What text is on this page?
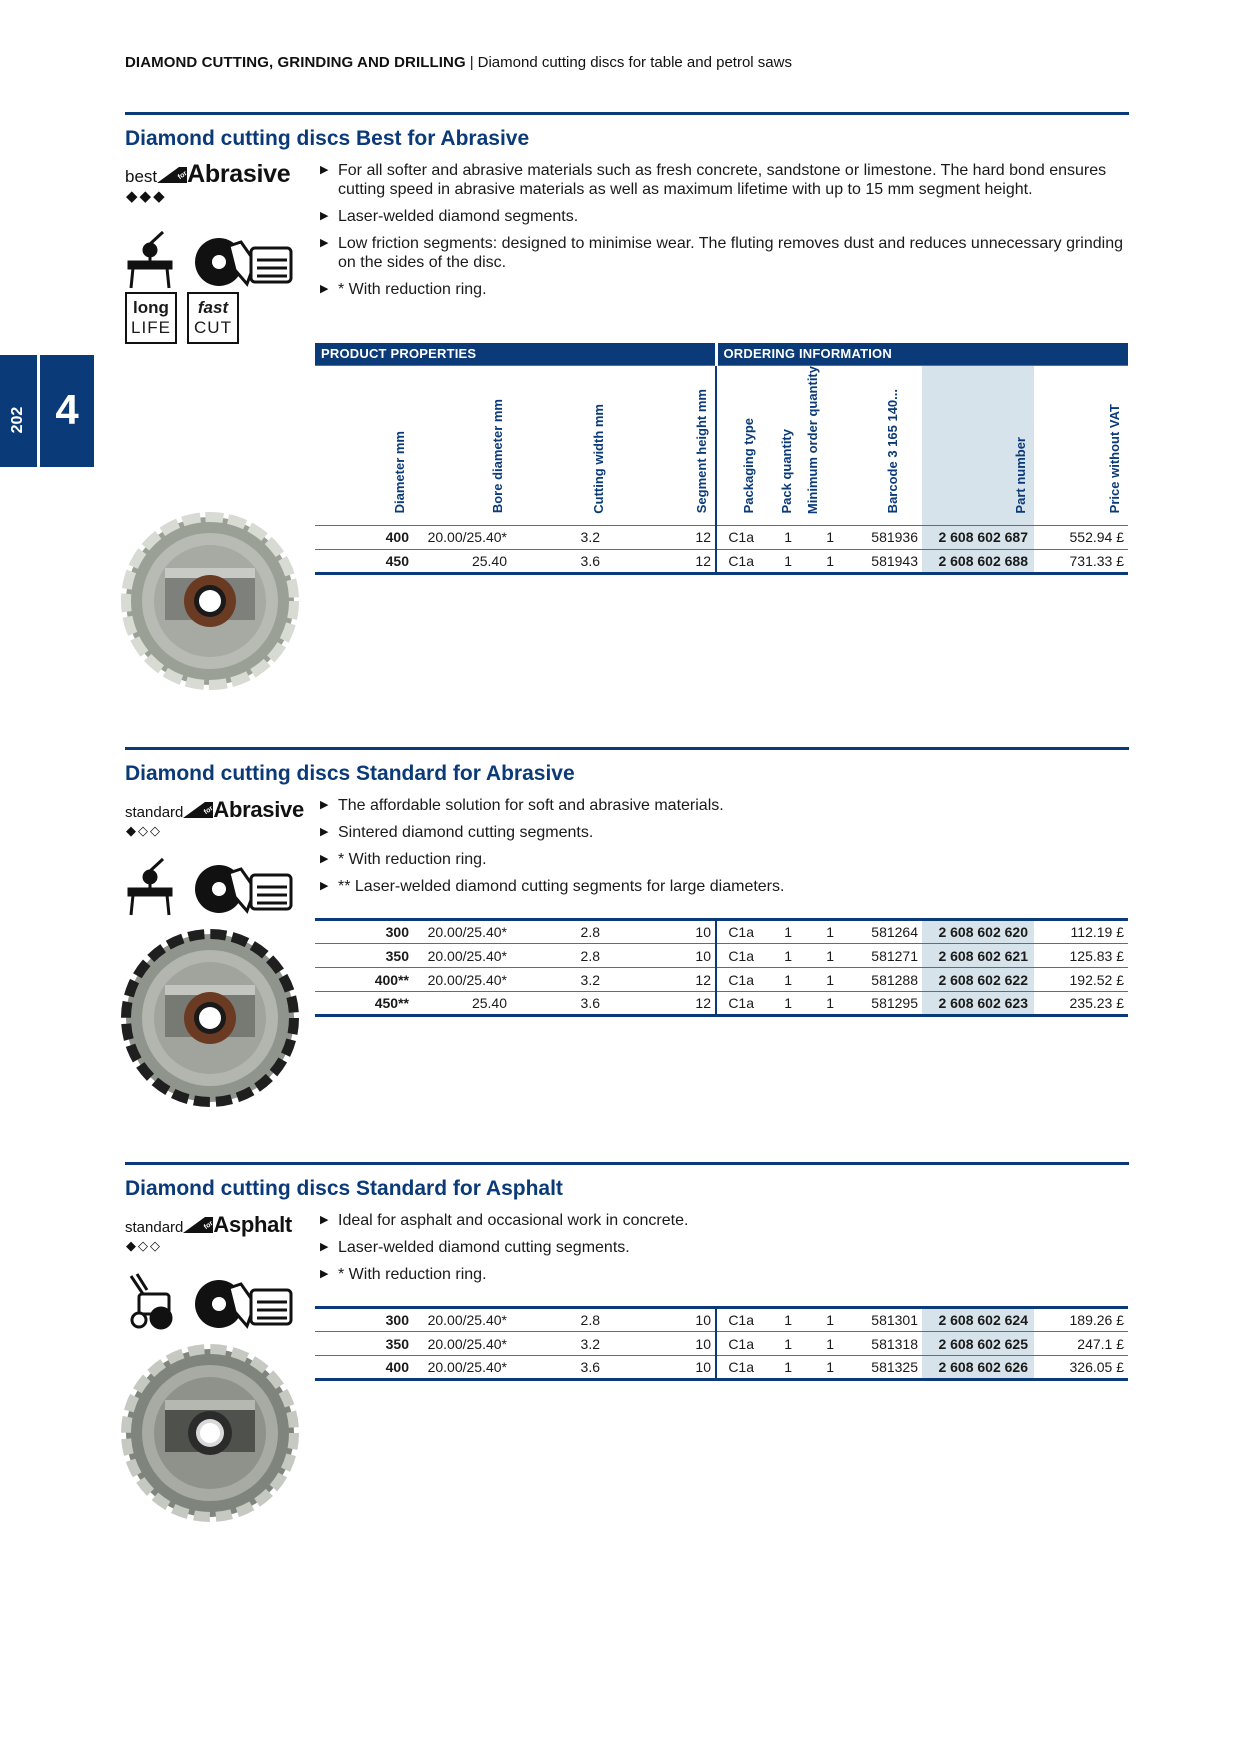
DIAMOND CUTTING, GRINDING AND DRILLING | Diamond cutting discs for table and petrol saws
202 4
Diamond cutting discs Best for Abrasive
best	for
Abrasive
◆◆◆
long
LIFE
fast
CUT
▶ For all softer and abrasive materials such as fresh concrete, sandstone or limestone. The hard bond ensures cutting speed in abrasive materials as well as maximum lifetime with up to 15 mm segment height.
▶ Laser-welded diamond segments.
▶ Low friction segments: designed to minimise wear. The fluting removes dust and reduces unnecessary grinding on the sides of the disc.
▶ * With reduction ring.
PRODUCT PROPERTIES				ORDERING INFORMATION					
Diameter mm	Bore diameter mm	Cutting width mm	Segment height mm	Packaging type	Pack quantity	Minimum order quantity	Barcode 3 165 140...	Part number	Price without VAT
400	20.00/25.40*	3.2	12	C1a	1	1	581936	2 608 602 687	552.94 £
450	25.40	3.6	12	C1a	1	1	581943	2 608 602 688	731.33 £
Diamond cutting discs Standard for Abrasive
standard	for
Abrasive
◆◇◇
▶ The affordable solution for soft and abrasive materials.
▶ Sintered diamond cutting segments.
▶ * With reduction ring.
▶ ** Laser-welded diamond cutting segments for large diameters.
300	20.00/25.40*	2.8	10	C1a	1	1	581264	2 608 602 620	112.19 £
350	20.00/25.40*	2.8	10	C1a	1	1	581271	2 608 602 621	125.83 £
400**	20.00/25.40*	3.2	12	C1a	1	1	581288	2 608 602 622	192.52 £
450**	25.40	3.6	12	C1a	1	1	581295	2 608 602 623	235.23 £
Diamond cutting discs Standard for Asphalt
standard	for
Asphalt
◆◇◇
▶ Ideal for asphalt and occasional work in concrete.
▶ Laser-welded diamond cutting segments.
▶ * With reduction ring.
300	20.00/25.40*	2.8	10	C1a	1	1	581301	2 608 602 624	189.26 £
350	20.00/25.40*	3.2	10	C1a	1	1	581318	2 608 602 625	247.1 £
400	20.00/25.40*	3.6	10	C1a	1	1	581325	2 608 602 626	326.05 £
